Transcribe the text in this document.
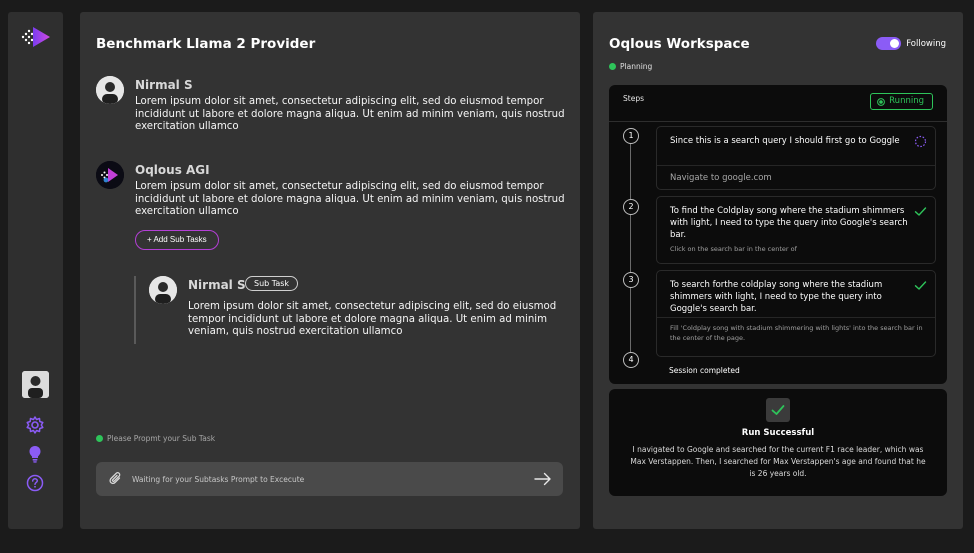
Benchmark Llama 2 Provider
Nirmal S
Lorem ipsum dolor sit amet, consectetur adipiscing elit, sed do eiusmod tempor incididunt ut labore et dolore magna aliqua. Ut enim ad minim veniam, quis nostrud exercitation ullamco
Oqlous AGI
Lorem ipsum dolor sit amet, consectetur adipiscing elit, sed do eiusmod tempor incididunt ut labore et dolore magna aliqua. Ut enim ad minim veniam, quis nostrud exercitation ullamco
+ Add Sub Tasks
Nirmal S	Sub Task
Lorem ipsum dolor sit amet, consectetur adipiscing elit, sed do eiusmod tempor incididunt ut labore et dolore magna aliqua. Ut enim ad minim veniam, quis nostrud exercitation ullamco
Please Propmt your Sub Task
Waiting for your Subtasks Prompt to Excecute
Oqlous Workspace	Following
Planning
Steps	Running
1
Since this is a search query I should first go to Goggle
Navigate to google.com
2	To find the Coldplay song where the stadium shimmers with light, I need to type the query into Google's search bar.
Click on the search bar in the center of
3
To search forthe coldplay song where the stadium shimmers with light, I need to type the query into Goggle's search bar.
Fill 'Coldplay song with stadium shimmering with lights' into the search bar in the center of the page.
4
Session completed
Run Successful
I navigated to Google and searched for the current F1 race leader, which was Max Verstappen. Then, I searched for Max Verstappen's age and found that he is 26 years old.
